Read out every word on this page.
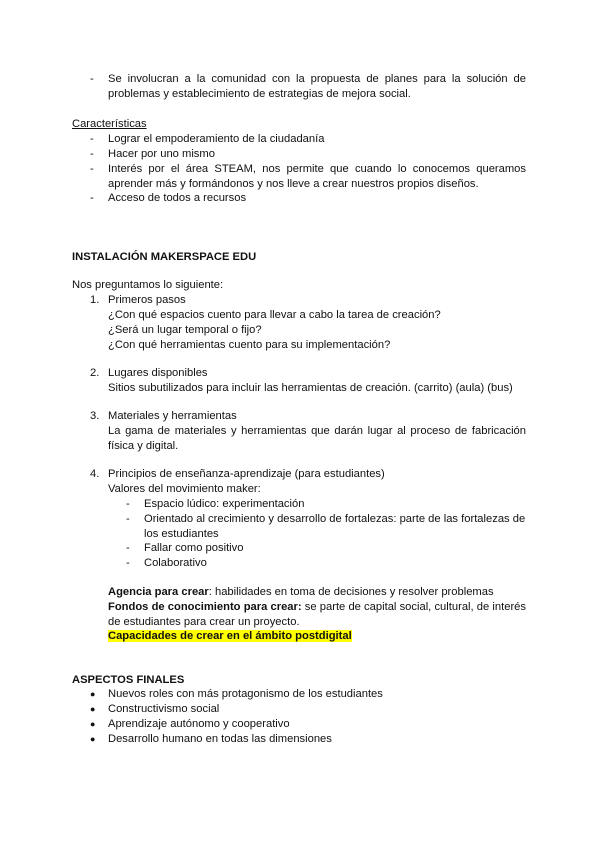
- Se involucran a la comunidad con la propuesta de planes para la solución de problemas y establecimiento de estrategias de mejora social.
Características
- Lograr el empoderamiento de la ciudadanía
- Hacer por uno mismo
- Interés por el área STEAM, nos permite que cuando lo conocemos queramos aprender más y formándonos y nos lleve a crear nuestros propios diseños.
- Acceso de todos a recursos
INSTALACIÓN MAKERSPACE EDU
Nos preguntamos lo siguiente:
1. Primeros pasos
¿Con qué espacios cuento para llevar a cabo la tarea de creación?
¿Será un lugar temporal o fijo?
¿Con qué herramientas cuento para su implementación?
2. Lugares disponibles
Sitios subutilizados para incluir las herramientas de creación. (carrito) (aula) (bus)
3. Materiales y herramientas
La gama de materiales y herramientas que darán lugar al proceso de fabricación física y digital.
4. Principios de enseñanza-aprendizaje (para estudiantes)
Valores del movimiento maker:
- Espacio lúdico: experimentación
- Orientado al crecimiento y desarrollo de fortalezas: parte de las fortalezas de los estudiantes
- Fallar como positivo
- Colaborativo
Agencia para crear: habilidades en toma de decisiones y resolver problemas
Fondos de conocimiento para crear: se parte de capital social, cultural, de interés de estudiantes para crear un proyecto.
Capacidades de crear en el ámbito postdigital
ASPECTOS FINALES
● Nuevos roles con más protagonismo de los estudiantes
● Constructivismo social
● Aprendizaje autónomo y cooperativo
● Desarrollo humano en todas las dimensiones
